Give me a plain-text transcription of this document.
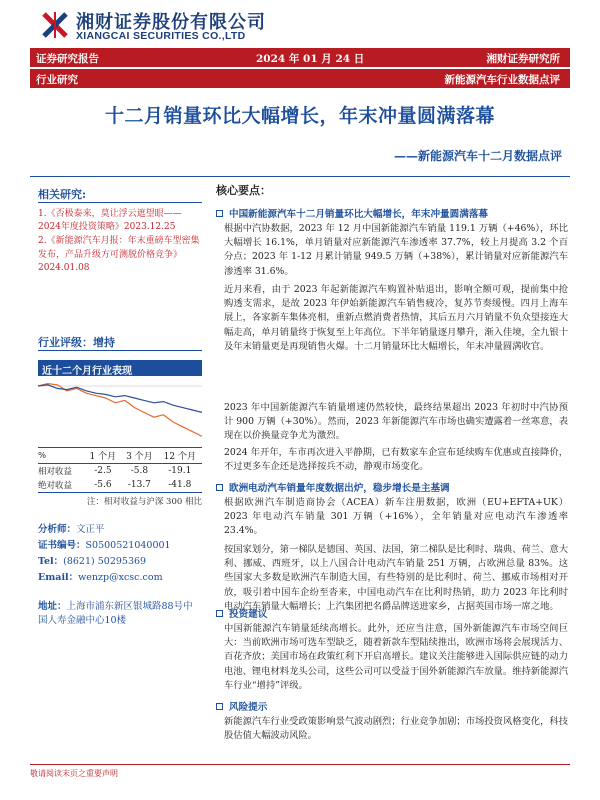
湘财证券股份有限公司
XIANGCAI SECURITIES CO.,LTD
证券研究报告	2024 年 01 月 24 日	湘财证券研究所
行业研究	新能源汽车行业数据点评
十二月销量环比大幅增长，年末冲量圆满落幕
——新能源汽车十二月数据点评
相关研究:

1.《否极泰来，莫让浮云遮望眼——2024年度投资策略》2023.12.25

2.《新能源汽车月报：年末重磅车型密集发布，产品升级方可测脱价格竞争》2024.01.08

行业评级：增持
近十二个月行业表现
%	1 个月	3 个月	12 个月
相对收益	-2.5	-5.8	-19.1
绝对收益	-5.6	-13.7	-41.8
注：相对收益与沪深 300 相比
分析师：文正平
证书编号：S0500521040001
Tel：(8621) 50295369
Email：wenzp@xcsc.com
地址：上海市浦东新区银城路88号中国人寿金融中心10楼
核心要点：
中国新能源汽车十二月销量环比大幅增长，年末冲量圆满落幕
根据中汽协数据，2023 年 12 月中国新能源汽车销量 119.1 万辆（+46%），环比大幅增长 16.1%，单月销量对应新能源汽车渗透率 37.7%，较上月提高 3.2 个百分点；2023 年 1-12 月累计销量 949.5 万辆（+38%），累计销量对应新能源汽车渗透率 31.6%。
近月来看，由于 2023 年起新能源汽车购置补贴退出，影响全额可观，提前集中抢购透支需求，是故 2023 年伊始新能源汽车销售疲冷，复苏节奏缓慢。四月上海车展上，各家新车集体亮相，重新点燃消费者热情，其后五月六月销量不负众望接连大幅走高，单月销量终于恢复至上年高位。下半年销量逐月攀升，渐入佳境，全九银十及年末销量更是再现销售火爆。十二月销量环比大幅增长，年末冲量圆满收官。
2023 年中国新能源汽车销量增速仍然较快，最终结果超出 2023 年初时中汽协预计 900 万辆（+30%）。然而，2023 年新能源汽车市场也确实遭露着一丝寒意，表现在以价换量竞争尤为激烈。
2024 年开年，车市再次进入平静期，已有数家车企宣布延续购车优惠或直接降价，不过更多车企还是选择按兵不动，静观市场变化。
欧洲电动汽车销量年度数据出炉，稳步增长是主基调
根据欧洲汽车制造商协会（ACEA）新车注册数据，欧洲（EU+EFTA+UK）2023 年电动汽车销量 301 万辆（+16%），全年销量对应电动汽车渗透率 23.4%。
按国家划分，第一梯队是德国、英国、法国，第二梯队是比利时、瑞典、荷兰、意大利、挪威、西班牙，以上八国合计电动汽车销量 251 万辆，占欧洲总量 83%。这些国家大多数是欧洲汽车制造大国，有些特别的是比利时、荷兰、挪威市场相对开放，吸引着中国车企纷至沓来，中国电动汽车在比利时热销，助力 2023 年比利时电动汽车销量大幅增长；上汽集团把名爵品牌送进家乡，占据英国市场一席之地。
投资建议
中国新能源汽车销量延续高增长。此外，还应当注意，国外新能源汽车市场空间巨大：当前欧洲市场可选车型缺乏，随着新款车型陆续推出，欧洲市场将会展现活力、百花齐放；美国市场在政策红利下开启高增长。建议关注能够进入国际供应链的动力电池、锂电材料龙头公司，这些公司可以受益于国外新能源汽车放量。维持新能源汽车行业“增持”评级。
风险提示
新能源汽车行业受政策影响景气波动剧烈；行业竞争加剧；市场投资风格变化，科技股估值大幅波动风险。
敬请阅读末页之重要声明
